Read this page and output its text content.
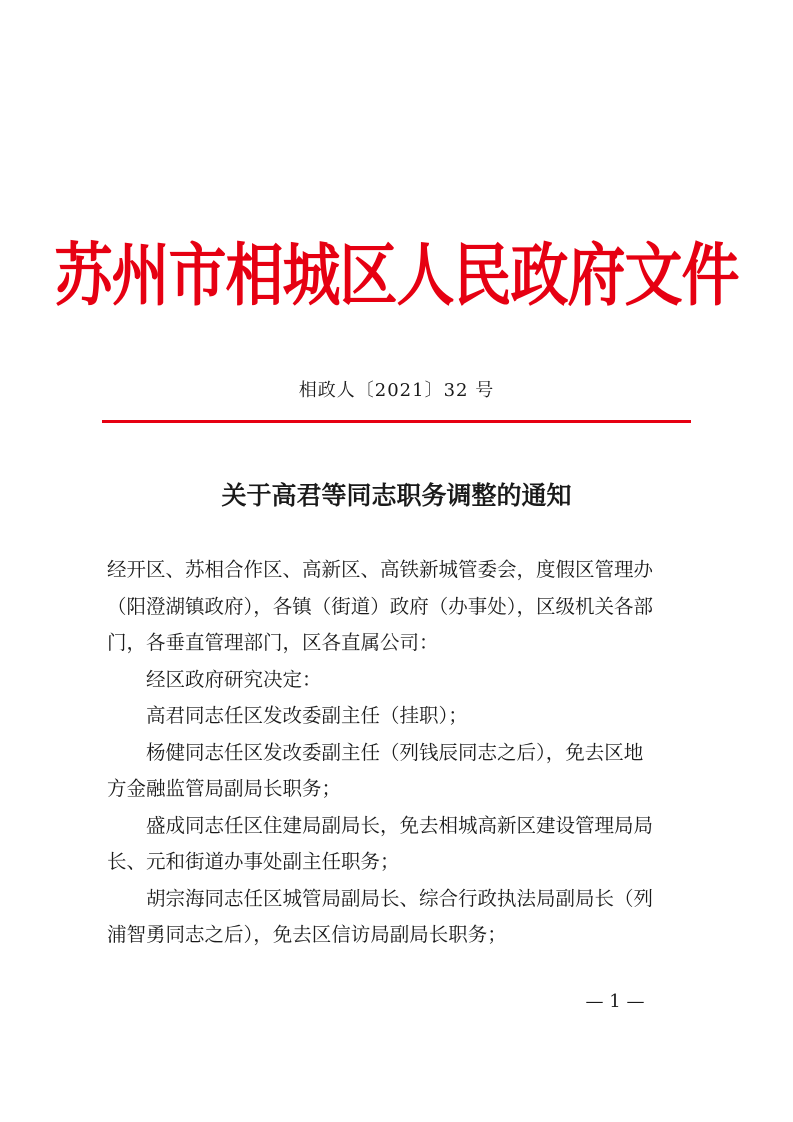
苏州市相城区人民政府文件
相政人〔2021〕32 号
关于高君等同志职务调整的通知
经开区、苏相合作区、高新区、高铁新城管委会，度假区管理办
（阳澄湖镇政府），各镇（街道）政府（办事处），区级机关各部
门，各垂直管理部门，区各直属公司：
经区政府研究决定：
高君同志任区发改委副主任（挂职）；
杨健同志任区发改委副主任（列钱辰同志之后），免去区地
方金融监管局副局长职务；
盛成同志任区住建局副局长，免去相城高新区建设管理局局
长、元和街道办事处副主任职务；
胡宗海同志任区城管局副局长、综合行政执法局副局长（列
浦智勇同志之后），免去区信访局副局长职务；
— 1 —
